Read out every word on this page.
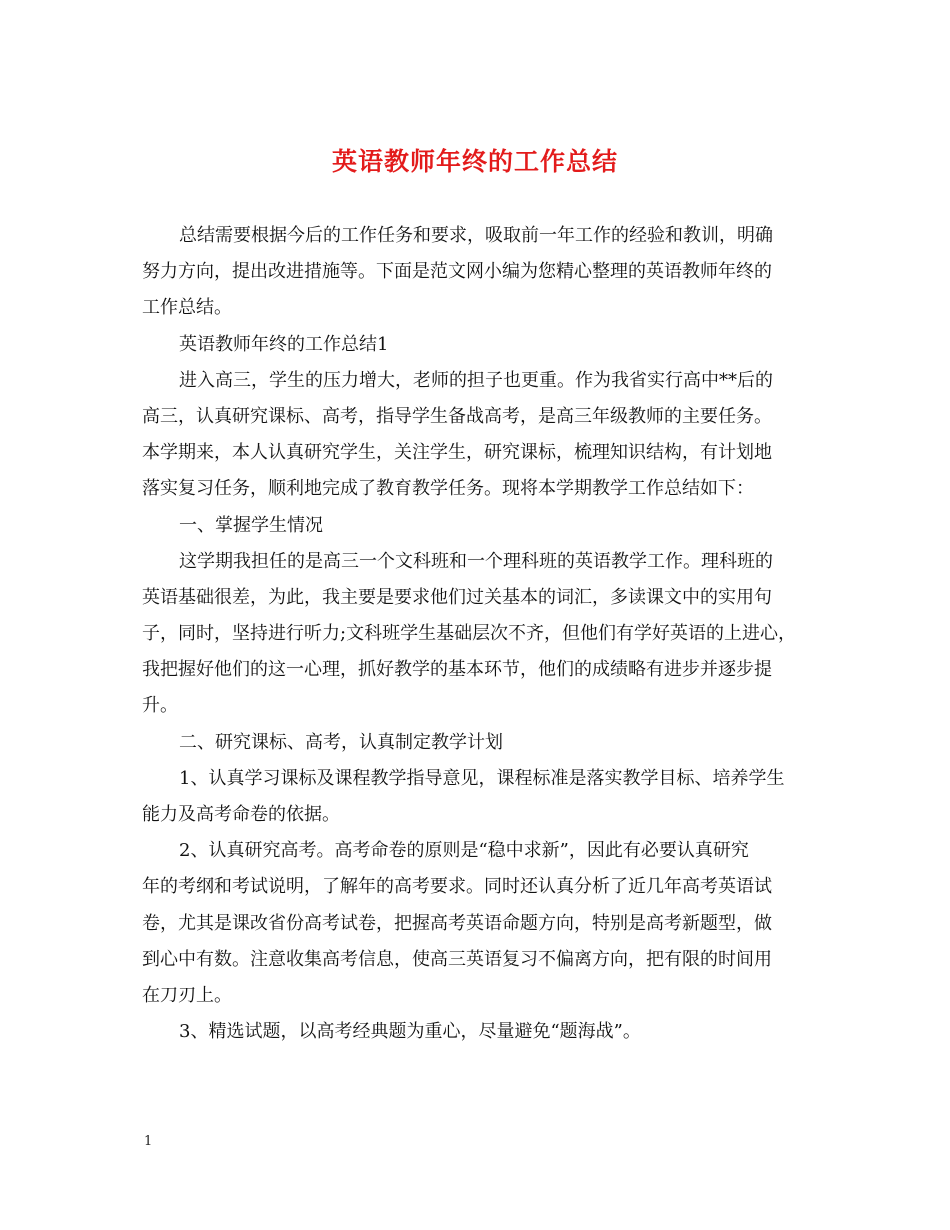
英语教师年终的工作总结
总结需要根据今后的工作任务和要求，吸取前一年工作的经验和教训，明确
努力方向，提出改进措施等。下面是范文网小编为您精心整理的英语教师年终的
工作总结。
英语教师年终的工作总结1
进入高三，学生的压力增大，老师的担子也更重。作为我省实行高中**后的
高三，认真研究课标、高考，指导学生备战高考，是高三年级教师的主要任务。
本学期来，本人认真研究学生，关注学生，研究课标，梳理知识结构，有计划地
落实复习任务，顺利地完成了教育教学任务。现将本学期教学工作总结如下：
一、掌握学生情况
这学期我担任的是高三一个文科班和一个理科班的英语教学工作。理科班的
英语基础很差，为此，我主要是要求他们过关基本的词汇，多读课文中的实用句
子，同时，坚持进行听力;文科班学生基础层次不齐，但他们有学好英语的上进心，
我把握好他们的这一心理，抓好教学的基本环节，他们的成绩略有进步并逐步提
升。
二、研究课标、高考，认真制定教学计划
1、认真学习课标及课程教学指导意见，课程标准是落实教学目标、培养学生
能力及高考命卷的依据。
2、认真研究高考。高考命卷的原则是“稳中求新”，因此有必要认真研究
年的考纲和考试说明，了解年的高考要求。同时还认真分析了近几年高考英语试
卷，尤其是课改省份高考试卷，把握高考英语命题方向，特别是高考新题型，做
到心中有数。注意收集高考信息，使高三英语复习不偏离方向，把有限的时间用
在刀刃上。
3、精选试题，以高考经典题为重心，尽量避免“题海战”。
1
